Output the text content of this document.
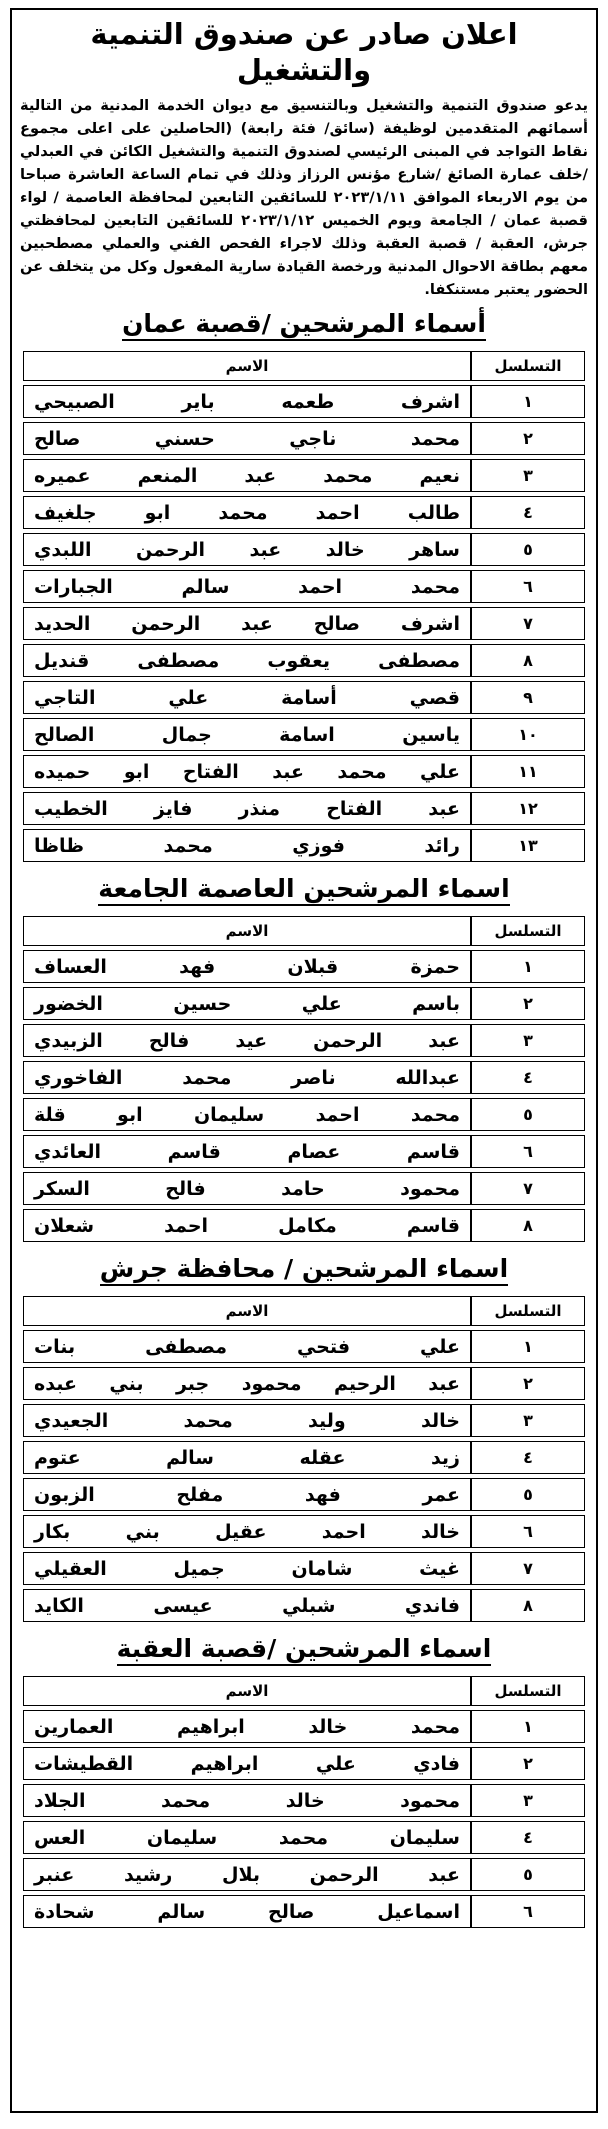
اعلان صادر عن صندوق التنمية والتشغيل

يدعو صندوق التنمية والتشغيل وبالتنسيق مع ديوان الخدمة المدنية من التالية أسمائهم المتقدمين لوظيفة (سائق/ فئة رابعة) (الحاصلين على اعلى مجموع نقاط التواجد في المبنى الرئيسي لصندوق التنمية والتشغيل الكائن في العبدلي /خلف عمارة الصائغ /شارع مؤنس الرزاز وذلك في تمام الساعة العاشرة صباحا من يوم الاربعاء الموافق ٢٠٢٣/١/١١ للسائقين التابعين لمحافظة العاصمة / لواء قصبة عمان / الجامعة ويوم الخميس ٢٠٢٣/١/١٢ للسائقين التابعين لمحافظتي جرش، العقبة / قصبة العقبة وذلك لاجراء الفحص الفني والعملي مصطحبين معهم بطاقة الاحوال المدنية ورخصة القيادة سارية المفعول وكل من يتخلف عن الحضور يعتبر مستنكفا.

أسماء المرشحين /قصبة عمان
التسلسل	الاسم
١	اشرف طعمه باير الصبيحي
٢	محمد ناجي حسني صالح
٣	نعيم محمد عبد المنعم عميره
٤	طالب احمد محمد ابو جلغيف
٥	ساهر خالد عبد الرحمن اللبدي
٦	محمد احمد سالم الجبارات
٧	اشرف صالح عبد الرحمن الحديد
٨	مصطفى يعقوب مصطفى قنديل
٩	قصي أسامة علي التاجي
١٠	ياسين اسامة جمال الصالح
١١	علي محمد عبد الفتاح ابو حميده
١٢	عبد الفتاح منذر فايز الخطيب
١٣	رائد فوزي محمد ظاظا
اسماء المرشحين العاصمة الجامعة
التسلسل	الاسم
١	حمزة قبلان فهد العساف
٢	باسم علي حسين الخضور
٣	عبد الرحمن عيد فالح الزبيدي
٤	عبدالله ناصر محمد الفاخوري
٥	محمد احمد سليمان ابو قلة
٦	قاسم عصام قاسم العائدي
٧	محمود حامد فالح السكر
٨	قاسم مكامل احمد شعلان
اسماء المرشحين / محافظة جرش
التسلسل	الاسم
١	علي فتحي مصطفى بنات
٢	عبد الرحيم محمود جبر بني عبده
٣	خالد وليد محمد الجعيدي
٤	زيد عقله سالم عتوم
٥	عمر فهد مفلح الزبون
٦	خالد احمد عقيل بني بكار
٧	غيث شامان جميل العقيلي
٨	فاندي شبلي عيسى الكايد
اسماء المرشحين /قصبة العقبة
التسلسل	الاسم
١	محمد خالد ابراهيم العمارين
٢	فادي علي ابراهيم القطيشات
٣	محمود خالد محمد الجلاد
٤	سليمان محمد سليمان العس
٥	عبد الرحمن بلال رشيد عنبر
٦	اسماعيل صالح سالم شحادة
